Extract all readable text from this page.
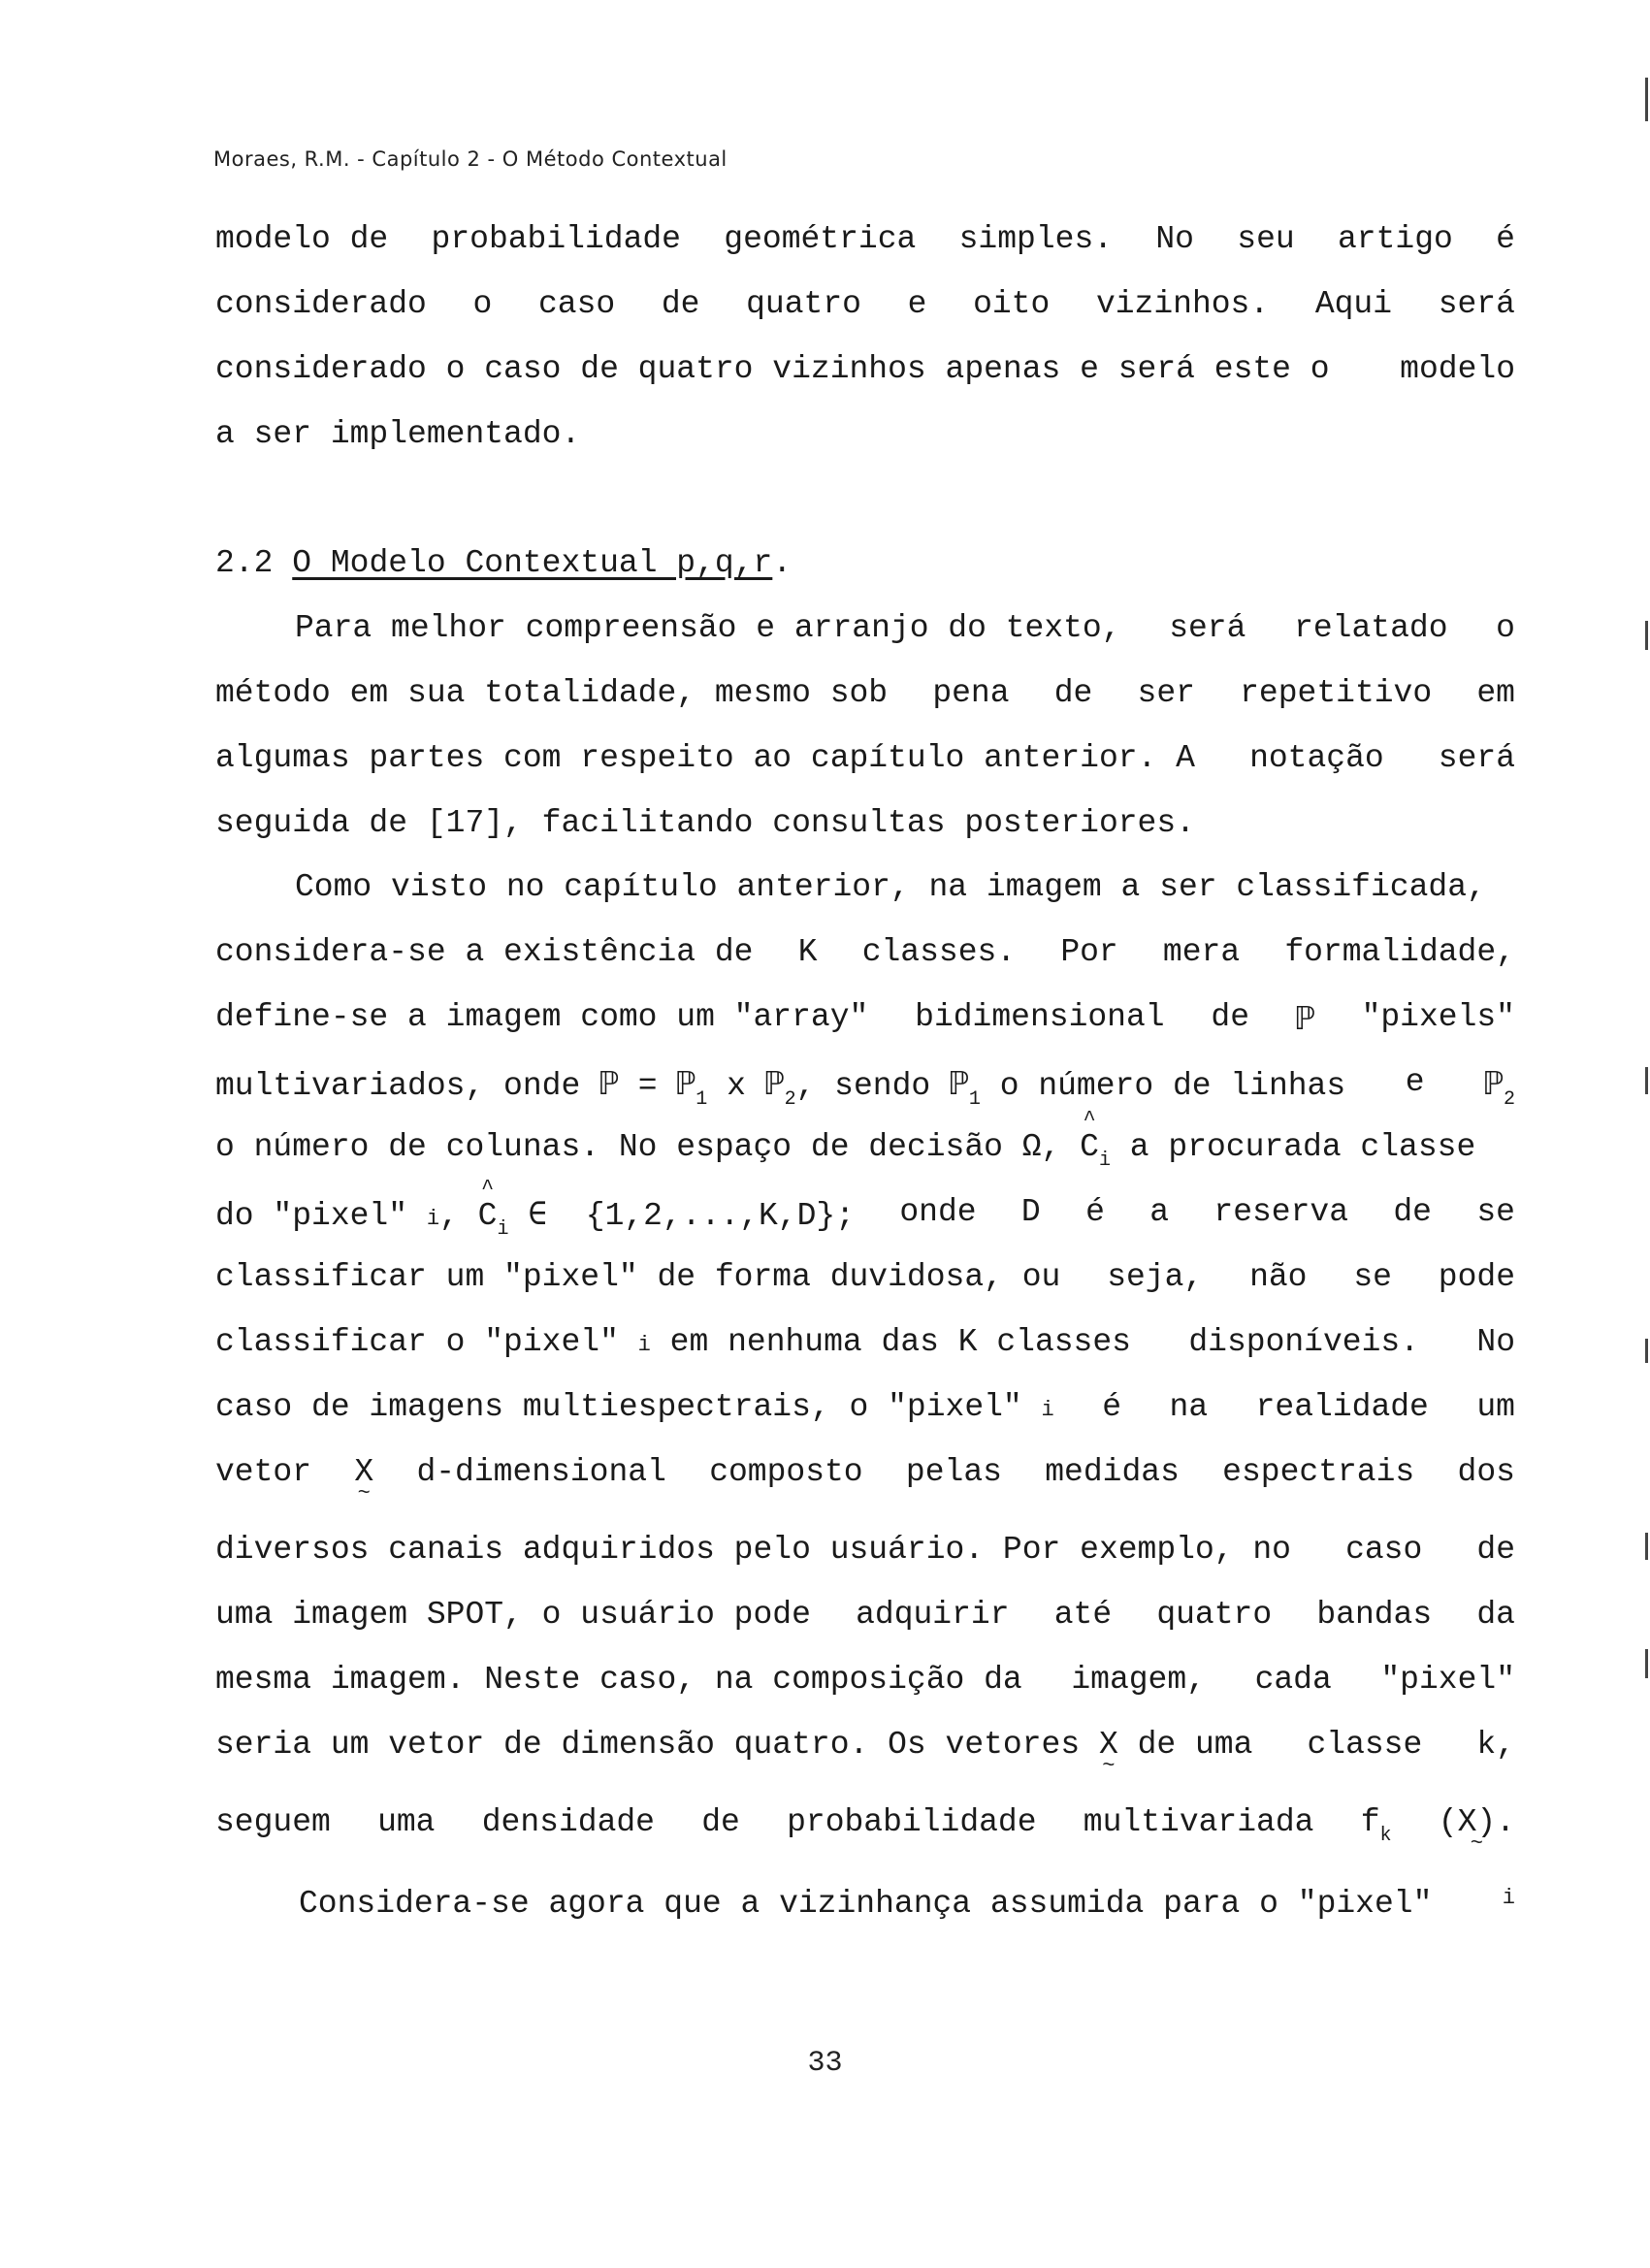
Moraes, R.M. - Capítulo 2 - O Método Contextual
modelo de probabilidade geométrica simples. No seu artigo é
considerado o caso de quatro e oito vizinhos. Aqui será
considerado o caso de quatro vizinhos apenas e será este o modelo
a ser implementado.
2.2 O Modelo Contextual p,q,r.
Para melhor compreensão e arranjo do texto, será relatado o
método em sua totalidade, mesmo sob pena de ser repetitivo em
algumas partes com respeito ao capítulo anterior. A notação será
seguida de [17], facilitando consultas posteriores.
Como visto no capítulo anterior, na imagem a ser classificada,
considera-se a existência de K classes. Por mera formalidade,
define-se a imagem como um "array" bidimensional de ℙ "pixels"
multivariados, onde ℙ = ℙ$_1$ x ℙ$_2$, sendo ℙ$_1$ o número de linhas e ℙ$_2$
o número de colunas. No espaço de decisão Ω, ^ $C_i$ a procurada classe
do "pixel" i, ^ $C_i$ ∈  {1,2,...,K,D}; onde D é a reserva de se
classificar um "pixel" de forma duvidosa, ou seja, não se pode
classificar o "pixel" i em nenhuma das K classes disponíveis. No
caso de imagens multiespectrais, o "pixel" i é na realidade um
vetor X ~ d-dimensional composto pelas medidas espectrais dos
diversos canais adquiridos pelo usuário. Por exemplo, no caso de
uma imagem SPOT, o usuário pode adquirir até quatro bandas da
mesma imagem. Neste caso, na composição da imagem, cada "pixel"
seria um vetor de dimensão quatro. Os vetores X ~ de uma classe k,
seguem uma densidade de probabilidade multivariada $f_k$ (X). ~
Considera-se agora que a vizinhança assumida para o "pixel"	i
33
